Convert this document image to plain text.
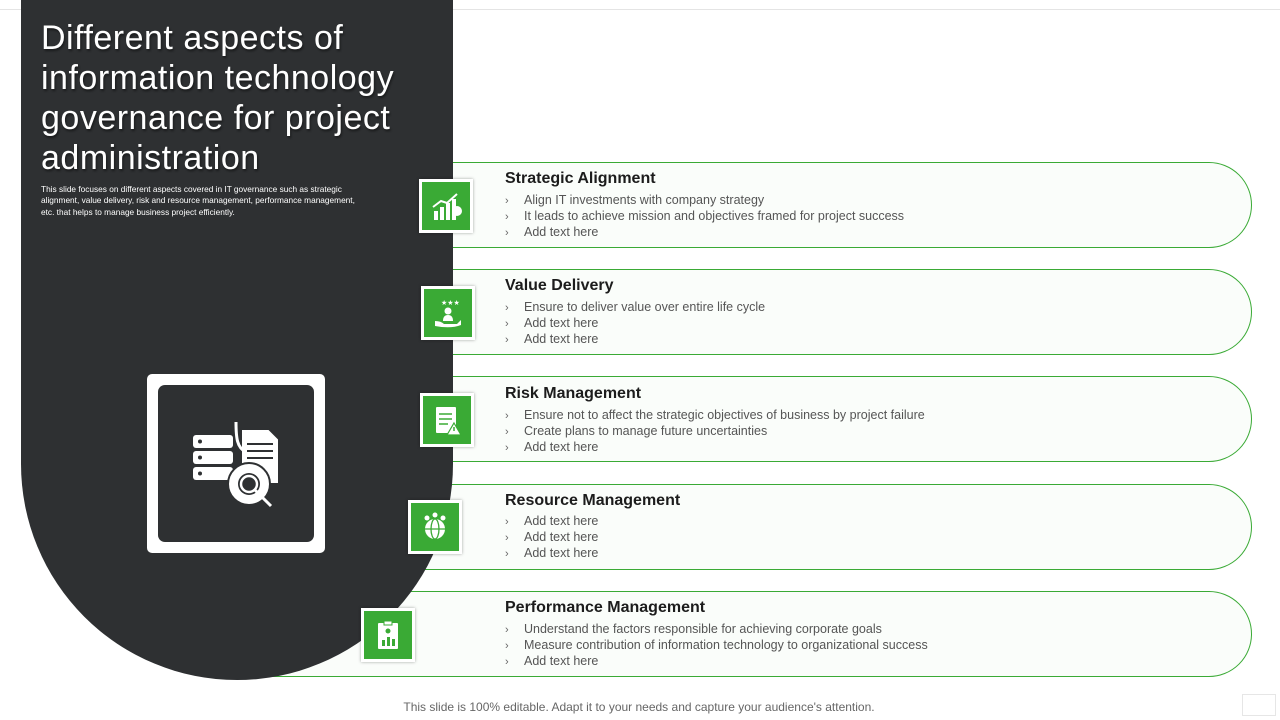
Different aspects of information technology governance for project administration

This slide focuses on different aspects covered in IT governance such as strategic alignment, value delivery, risk and resource management, performance management, etc. that helps to manage business project efficiently.

★★★
Strategic Alignment
› Align IT investments with company strategy
› It leads to achieve mission and objectives framed for project success
› Add text here
Value Delivery
› Ensure to deliver value over entire life cycle
› Add text here
› Add text here
Risk Management
› Ensure not to affect the strategic objectives of business by project failure
› Create plans to manage future uncertainties
› Add text here
Resource Management
› Add text here
› Add text here
› Add text here
Performance Management
› Understand the factors responsible for achieving corporate goals
› Measure contribution of information technology to organizational success
› Add text here
This slide is 100% editable. Adapt it to your needs and capture your audience's attention.
